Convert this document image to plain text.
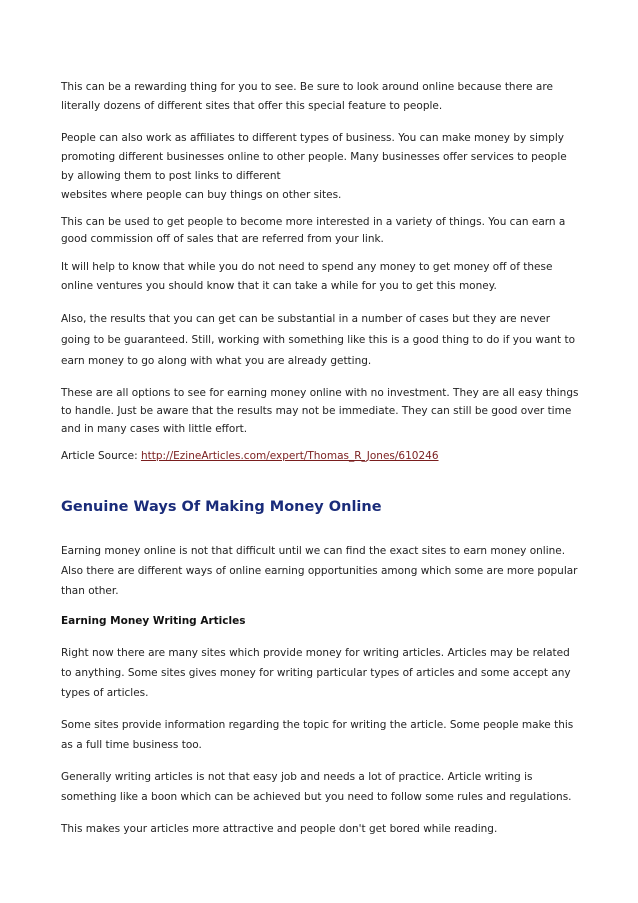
This can be a rewarding thing for you to see. Be sure to look around online because there are literally dozens of different sites that offer this special feature to people.

People can also work as affiliates to different types of business. You can make money by simply promoting different businesses online to other people. Many businesses offer services to people by allowing them to post links to different
websites where people can buy things on other sites.

This can be used to get people to become more interested in a variety of things. You can earn a good commission off of sales that are referred from your link.

It will help to know that while you do not need to spend any money to get money off of these online ventures you should know that it can take a while for you to get this money.

Also, the results that you can get can be substantial in a number of cases but they are never going to be guaranteed. Still, working with something like this is a good thing to do if you want to earn money to go along with what you are already getting.

These are all options to see for earning money online with no investment. They are all easy things to handle. Just be aware that the results may not be immediate. They can still be good over time and in many cases with little effort.

Article Source: http://EzineArticles.com/expert/Thomas_R_Jones/610246

Genuine Ways Of Making Money Online

Earning money online is not that difficult until we can find the exact sites to earn money online. Also there are different ways of online earning opportunities among which some are more popular than other.

Earning Money Writing Articles

Right now there are many sites which provide money for writing articles. Articles may be related to anything. Some sites gives money for writing particular types of articles and some accept any types of articles.

Some sites provide information regarding the topic for writing the article. Some people make this as a full time business too.

Generally writing articles is not that easy job and needs a lot of practice. Article writing is something like a boon which can be achieved but you need to follow some rules and regulations.

This makes your articles more attractive and people don't get bored while reading.
